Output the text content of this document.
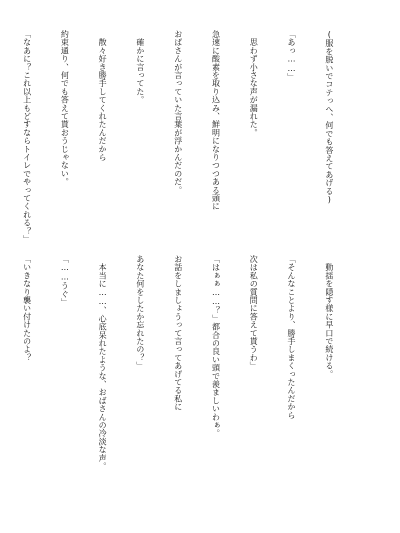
(服を脱いでコテっへ、何でも答えてあげる)

「あっ……」

　思わず小さな声が漏れた。

急速に酸素を取り込み、鮮明になりつつある頭に

おばさんが言っていた言葉が浮かんだのだ。

　確かに言ってた。

　散々好き勝手してくれたんだから

約束通り、何でも答えて貰おうじゃない。

「なあに？これ以上もどすならトイレでやってくれる？」

　動揺を隠す様に早口で続ける。

「そんなことより、勝手しまくったんだから

次は私の質問に答えて貰うわ」

「はぁぁ……？」都合の良い頭で羨ましいわぁ。

お話をしましょうって言ってあげてる私に

あなた何をしたか忘れたの？」

　本当に……、心底呆れたような、おばさんの冷淡な声。

「……うぐ」

「いきなり襲い付けたのよ？
